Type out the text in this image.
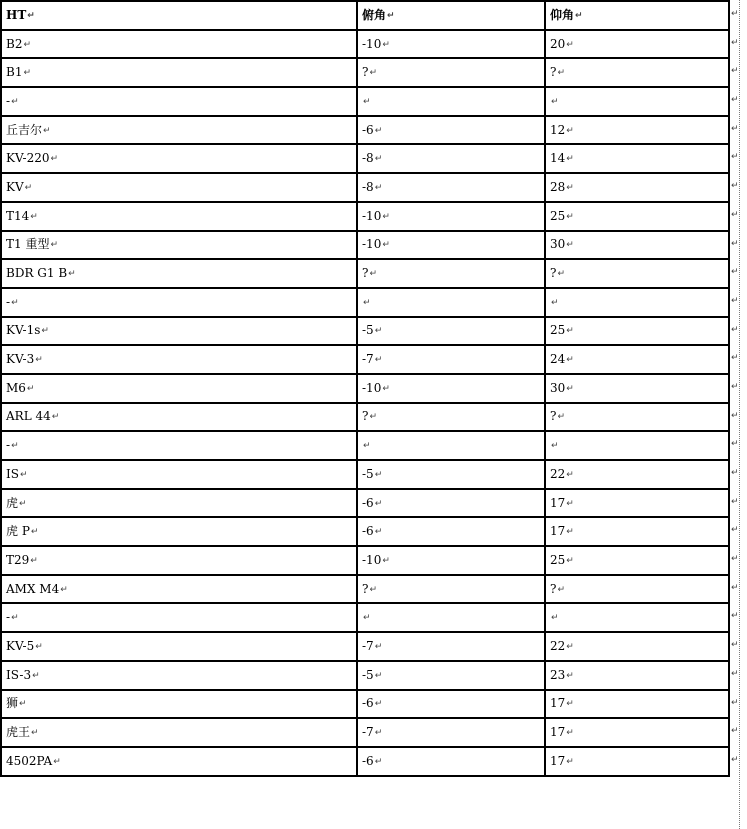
HT↵	俯角↵	仰角↵
B2↵	-10↵	20↵
B1↵	?↵	?↵
-↵	↵	↵
丘吉尔↵	-6↵	12↵
KV-220↵	-8↵	14↵
KV↵	-8↵	28↵
T14↵	-10↵	25↵
T1 重型↵	-10↵	30↵
BDR G1 B↵	?↵	?↵
-↵	↵	↵
KV-1s↵	-5↵	25↵
KV-3↵	-7↵	24↵
M6↵	-10↵	30↵
ARL 44↵	?↵	?↵
-↵	↵	↵
IS↵	-5↵	22↵
虎↵	-6↵	17↵
虎 P↵	-6↵	17↵
T29↵	-10↵	25↵
AMX M4↵	?↵	?↵
-↵	↵	↵
KV-5↵	-7↵	22↵
IS-3↵	-5↵	23↵
狮↵	-6↵	17↵
虎王↵	-7↵	17↵
4502PA↵	-6↵	17↵
↵
↵
↵
↵
↵
↵
↵
↵
↵
↵
↵
↵
↵
↵
↵
↵
↵
↵
↵
↵
↵
↵
↵
↵
↵
↵
↵
